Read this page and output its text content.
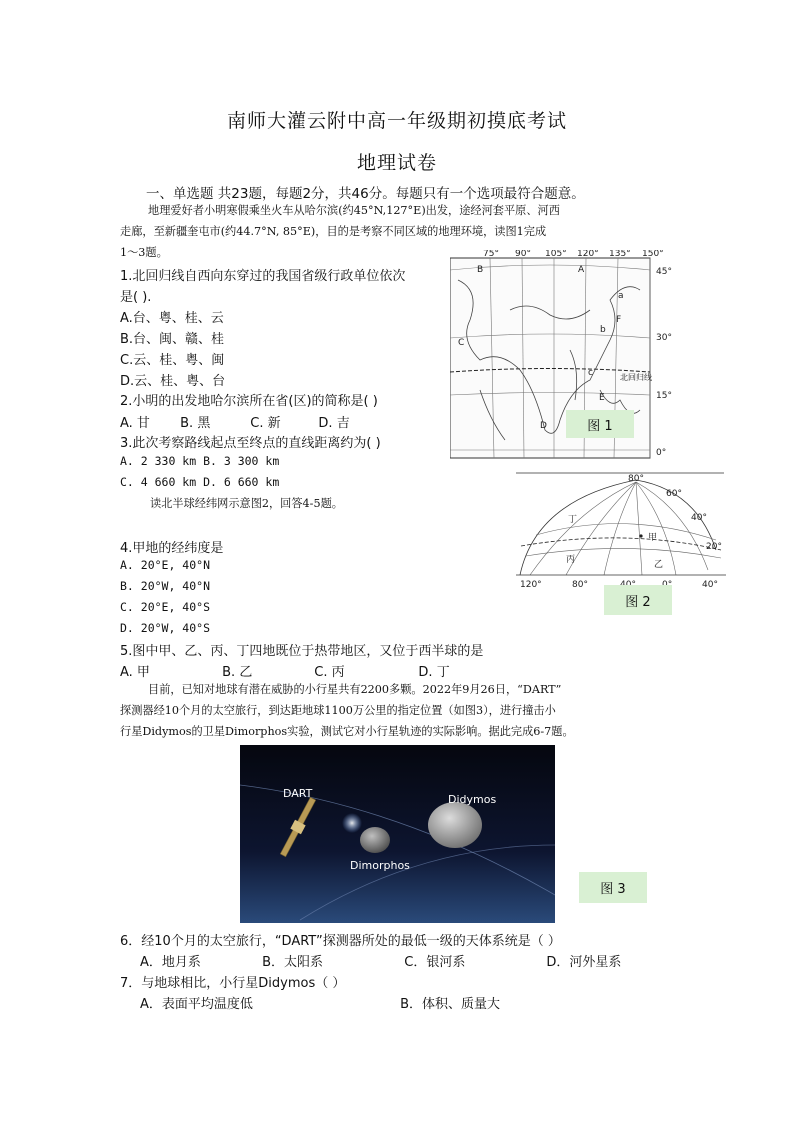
南师大灌云附中高一年级期初摸底考试
地理试卷
一、单选题 共23题，每题2分，共46分。每题只有一个选项最符合题意。
地理爱好者小明寒假乘坐火车从哈尔滨(约45°N,127°E)出发，途经河套平原、河西
走廊，至新疆奎屯市(约44.7°N, 85°E)，目的是考察不同区域的地理环境，读图1完成
1～3题。
1.北回归线自西向东穿过的我国省级行政单位依次
是( ).
A.台、粤、桂、云
B.台、闽、赣、桂
C.云、桂、粤、闽
D.云、桂、粤、台
2.小明的出发地哈尔滨所在省(区)的简称是( )
A. 甘 B. 黑	C. 新	D. 吉
3.此次考察路线起点至终点的直线距离约为( )
A. 2 330 km B. 3 300 km
C. 4 660 km D. 6 660 km
读北半球经纬网示意图2，回答4-5题。
4.甲地的经纬度是
A. 20°E, 40°N
B. 20°W, 40°N
C. 20°E, 40°S
D. 20°W, 40°S
5.图中甲、乙、丙、丁四地既位于热带地区，又位于西半球的是
A. 甲	B. 乙	C. 丙	D. 丁
目前，已知对地球有潜在威胁的小行星共有2200多颗。2022年9月26日，“DART”
探测器经10个月的太空旅行，到达距地球1100万公里的指定位置（如图3），进行撞击小
行星Didymos的卫星Dimorphos实验，测试它对小行星轨迹的实际影响。据此完成6-7题。
75° 90° 105° 120° 135° 150°
45°
30°
15°
0°
B	A
C
D
E
F
a
b
c	北回归线
图 1
80°
60°
40°
20°
120°	80°	40°
丁
甲
丙	乙
图 2
DART	Didymos
Dimorphos
图 3
6．经10个月的太空旅行，“DART”探测器所处的最低一级的天体系统是（ ）
A．地月系	B．太阳系	C．银河系	D．河外星系
7．与地球相比，小行星Didymos（ ）
A．表面平均温度低	B．体积、质量大
